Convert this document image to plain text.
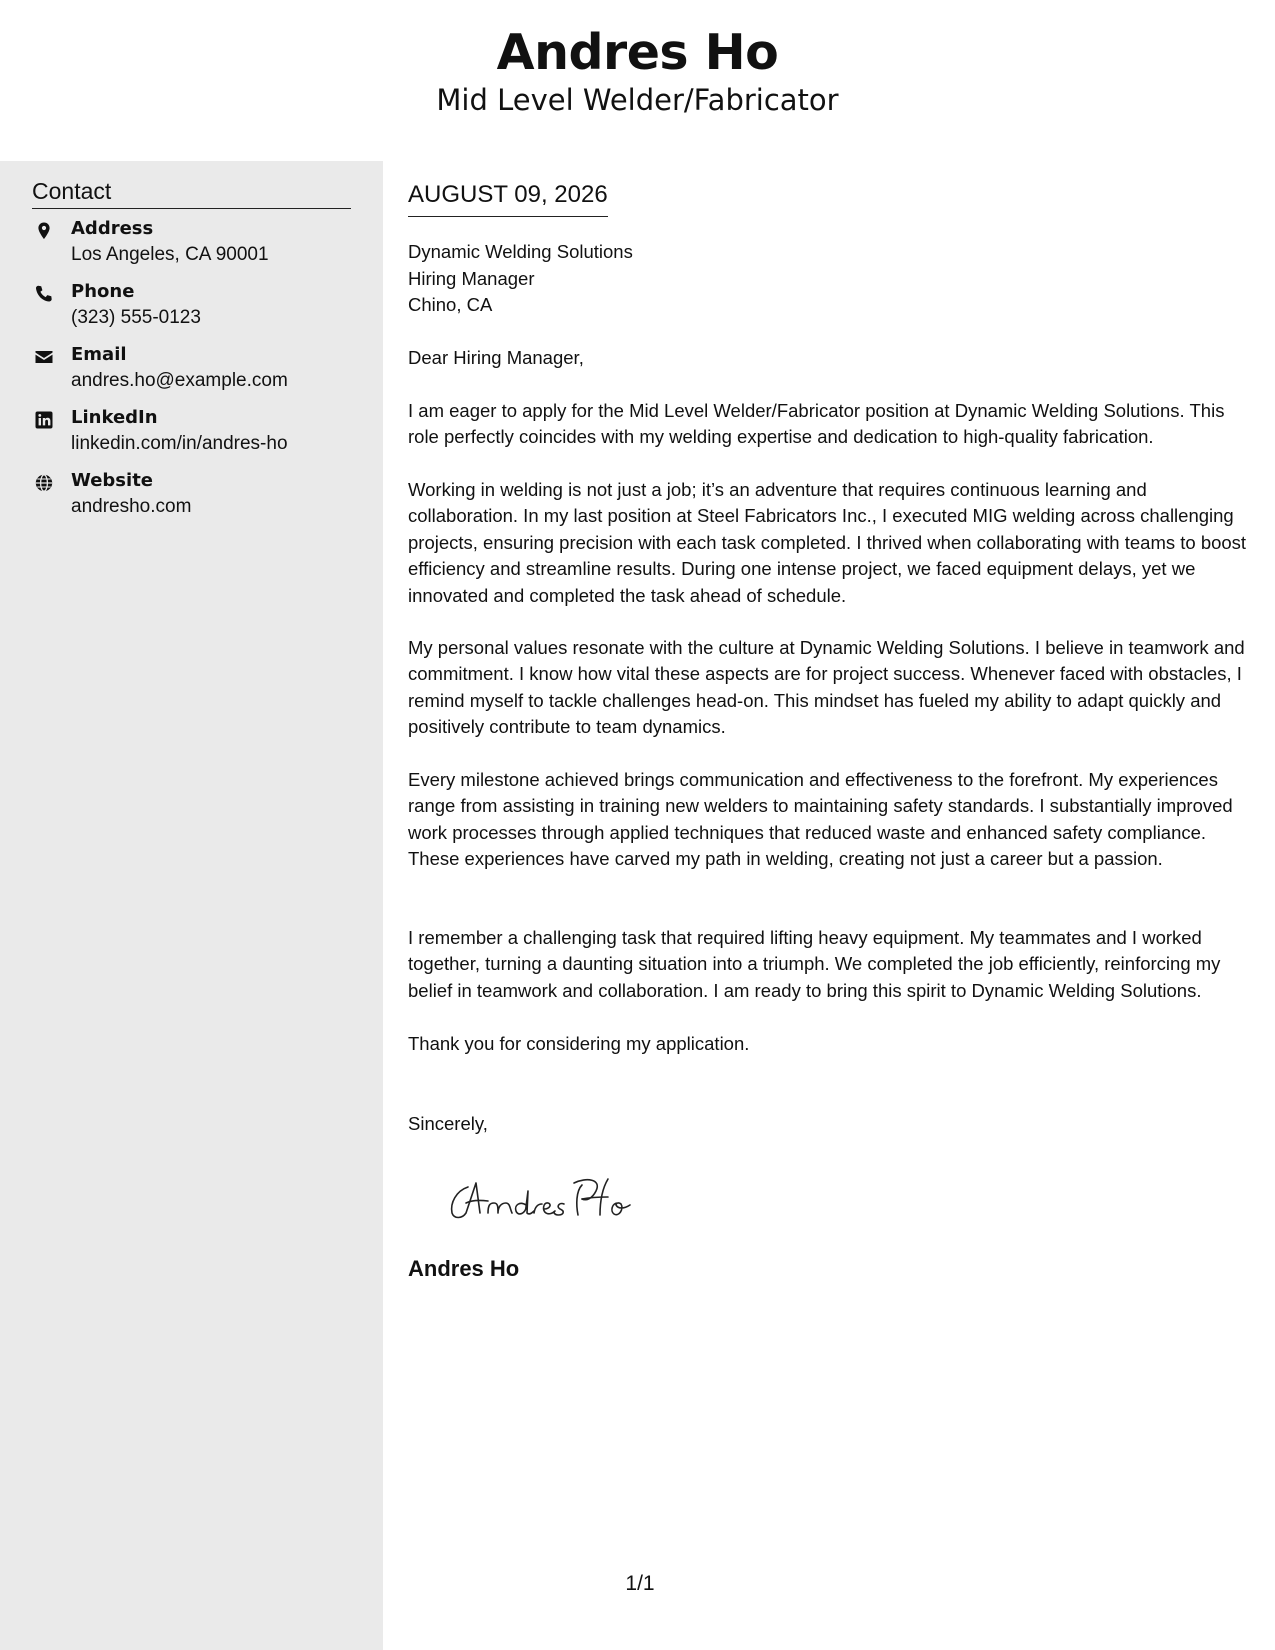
Andres Ho
Mid Level Welder/Fabricator
Contact
Address
Los Angeles, CA 90001
Phone
(323) 555-0123
Email
andres.ho@example.com
LinkedIn
linkedin.com/in/andres-ho
Website
andresho.com
AUGUST 09, 2026
Dynamic Welding Solutions
Hiring Manager
Chino, CA
Dear Hiring Manager,
I am eager to apply for the Mid Level Welder/Fabricator position at Dynamic Welding Solutions. This role perfectly coincides with my welding expertise and dedication to high-quality fabrication.
Working in welding is not just a job; it’s an adventure that requires continuous learning and collaboration. In my last position at Steel Fabricators Inc., I executed MIG welding across challenging projects, ensuring precision with each task completed. I thrived when collaborating with teams to boost efficiency and streamline results. During one intense project, we faced equipment delays, yet we innovated and completed the task ahead of schedule.
My personal values resonate with the culture at Dynamic Welding Solutions. I believe in teamwork and commitment. I know how vital these aspects are for project success. Whenever faced with obstacles, I remind myself to tackle challenges head-on. This mindset has fueled my ability to adapt quickly and positively contribute to team dynamics.
Every milestone achieved brings communication and effectiveness to the forefront. My experiences range from assisting in training new welders to maintaining safety standards. I substantially improved work processes through applied techniques that reduced waste and enhanced safety compliance. These experiences have carved my path in welding, creating not just a career but a passion.
I remember a challenging task that required lifting heavy equipment. My teammates and I worked together, turning a daunting situation into a triumph. We completed the job efficiently, reinforcing my belief in teamwork and collaboration. I am ready to bring this spirit to Dynamic Welding Solutions.
Thank you for considering my application.
Sincerely,
Andres Ho
1/1
